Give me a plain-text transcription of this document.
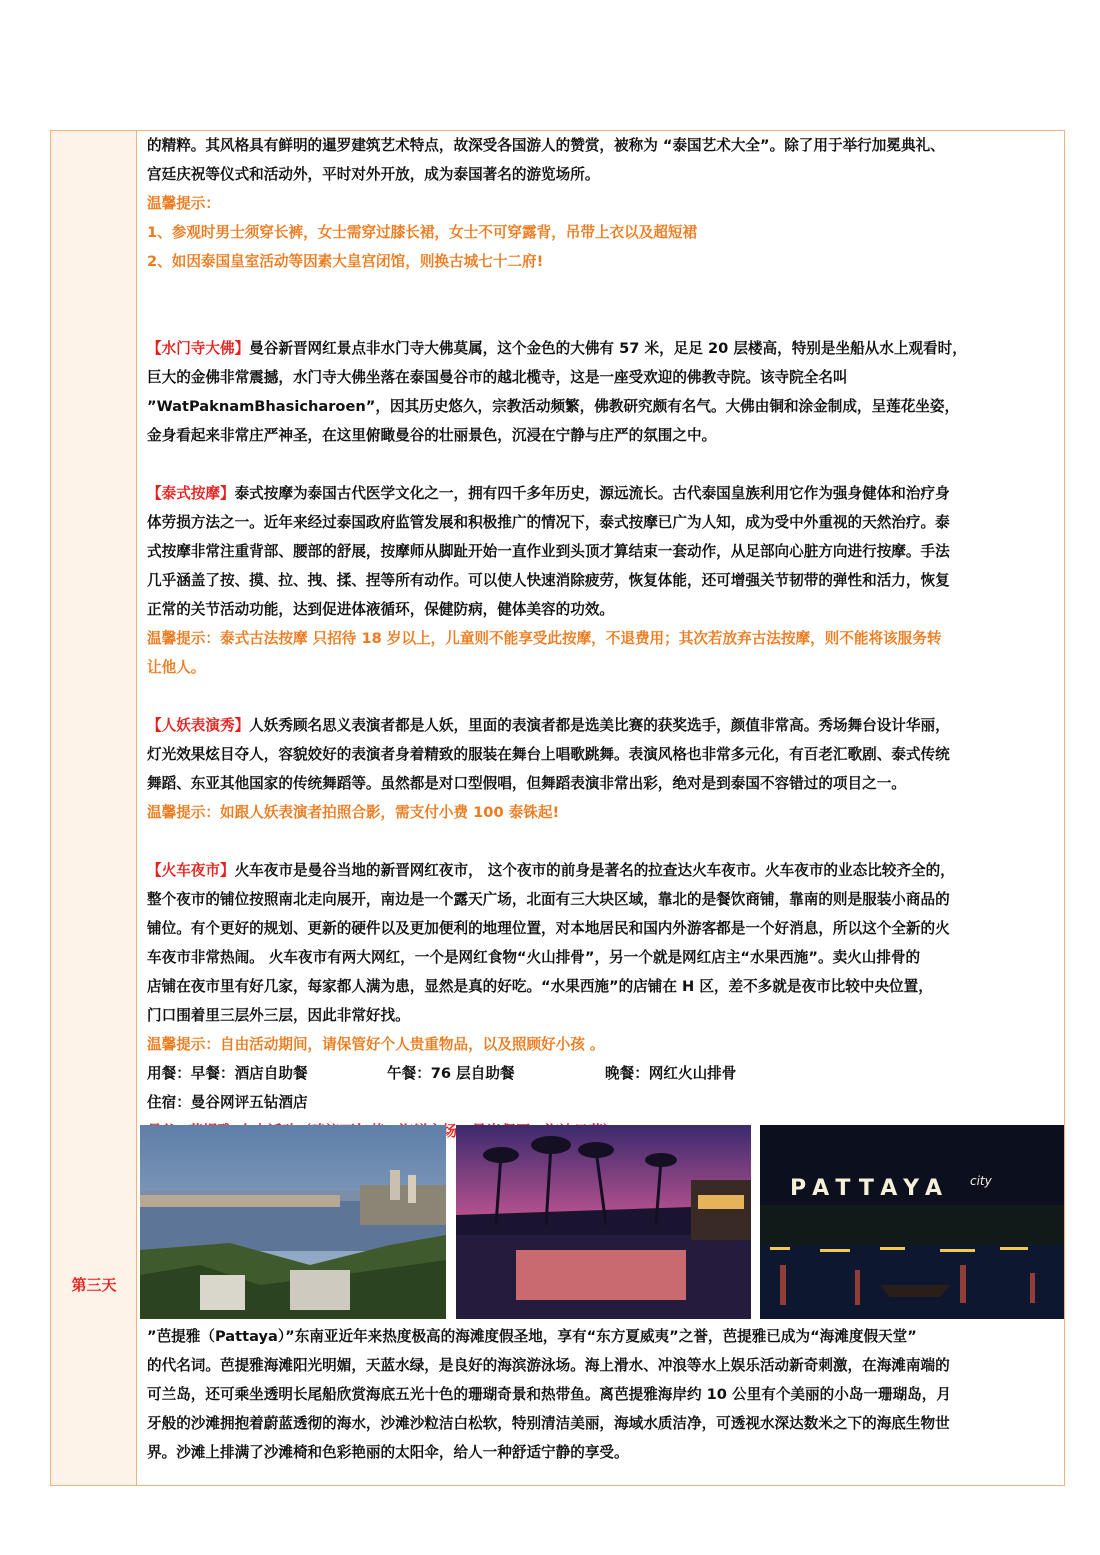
第三天

的精粹。其风格具有鲜明的暹罗建筑艺术特点，故深受各国游人的赞赏，被称为 “泰国艺术大全”。除了用于举行加冕典礼、

宫廷庆祝等仪式和活动外，平时对外开放，成为泰国著名的游览场所。

温馨提示：

1、参观时男士须穿长裤，女士需穿过膝长裙，女士不可穿露背，吊带上衣以及超短裙

2、如因泰国皇室活动等因素大皇宫闭馆，则换古城七十二府!

【水门寺大佛】曼谷新晋网红景点非水门寺大佛莫属，这个金色的大佛有 57 米，足足 20 层楼高，特别是坐船从水上观看时，

巨大的金佛非常震撼，水门寺大佛坐落在泰国曼谷市的越北榄寺，这是一座受欢迎的佛教寺院。该寺院全名叫

”WatPaknamBhasicharoen”，因其历史悠久，宗教活动频繁，佛教研究颇有名气。大佛由铜和涂金制成，呈莲花坐姿，

金身看起来非常庄严神圣，在这里俯瞰曼谷的壮丽景色，沉浸在宁静与庄严的氛围之中。

【泰式按摩】泰式按摩为泰国古代医学文化之一，拥有四千多年历史，源远流长。古代泰国皇族利用它作为强身健体和治疗身

体劳损方法之一。近年来经过泰国政府监管发展和积极推广的情况下，泰式按摩已广为人知，成为受中外重视的天然治疗。泰

式按摩非常注重背部、腰部的舒展，按摩师从脚趾开始一直作业到头顶才算结束一套动作，从足部向心脏方向进行按摩。手法

几乎涵盖了按、摸、拉、拽、揉、捏等所有动作。可以使人快速消除疲劳，恢复体能，还可增强关节韧带的弹性和活力，恢复

正常的关节活动功能，达到促进体液循环，保健防病，健体美容的功效。

温馨提示：泰式古法按摩 只招待 18 岁以上，儿童则不能享受此按摩，不退费用；其次若放弃古法按摩，则不能将该服务转

让他人。

【人妖表演秀】人妖秀顾名思义表演者都是人妖，里面的表演者都是选美比赛的获奖选手，颜值非常高。秀场舞台设计华丽，

灯光效果炫目夺人，容貌姣好的表演者身着精致的服装在舞台上唱歌跳舞。表演风格也非常多元化，有百老汇歌剧、泰式传统

舞蹈、东亚其他国家的传统舞蹈等。虽然都是对口型假唱，但舞蹈表演非常出彩，绝对是到泰国不容错过的项目之一。

温馨提示：如跟人妖表演者拍照合影，需支付小费 100 泰铢起!

【火车夜市】火车夜市是曼谷当地的新晋网红夜市， 这个夜市的前身是著名的拉查达火车夜市。火车夜市的业态比较齐全的，

整个夜市的铺位按照南北走向展开，南边是一个露天广场，北面有三大块区域，靠北的是餐饮商铺，靠南的则是服装小商品的

铺位。有个更好的规划、更新的硬件以及更加便利的地理位置，对本地居民和国内外游客都是一个好消息，所以这个全新的火

车夜市非常热闹。 火车夜市有两大网红，一个是网红食物“火山排骨”，另一个就是网红店主“水果西施”。卖火山排骨的

店铺在夜市里有好几家，每家都人满为患，显然是真的好吃。“水果西施”的店铺在 H 区，差不多就是夜市比较中央位置，

门口围着里三层外三层，因此非常好找。

温馨提示：自由活动期间，请保管好个人贵重物品，以及照顾好小孩 。

用餐：早餐：酒店自助餐	午餐：76 层自助餐	晚餐：网红火山排骨

住宿：曼谷网评五钻酒店

PATTAYA city

”芭提雅（Pattaya）”东南亚近年来热度极高的海滩度假圣地，享有“东方夏威夷”之誉，芭提雅已成为“海滩度假天堂”

的代名词。芭提雅海滩阳光明媚，天蓝水绿，是良好的海滨游泳场。海上滑水、冲浪等水上娱乐活动新奇刺激，在海滩南端的

可兰岛，还可乘坐透明长尾船欣赏海底五光十色的珊瑚奇景和热带鱼。离芭提雅海岸约 10 公里有个美丽的小岛一珊瑚岛，月

牙般的沙滩拥抱着蔚蓝透彻的海水，沙滩沙粒洁白松软，特别清洁美丽，海域水质洁净，可透视水深达数米之下的海底生物世

界。沙滩上排满了沙滩椅和色彩艳丽的太阳伞，给人一种舒适宁静的享受。
